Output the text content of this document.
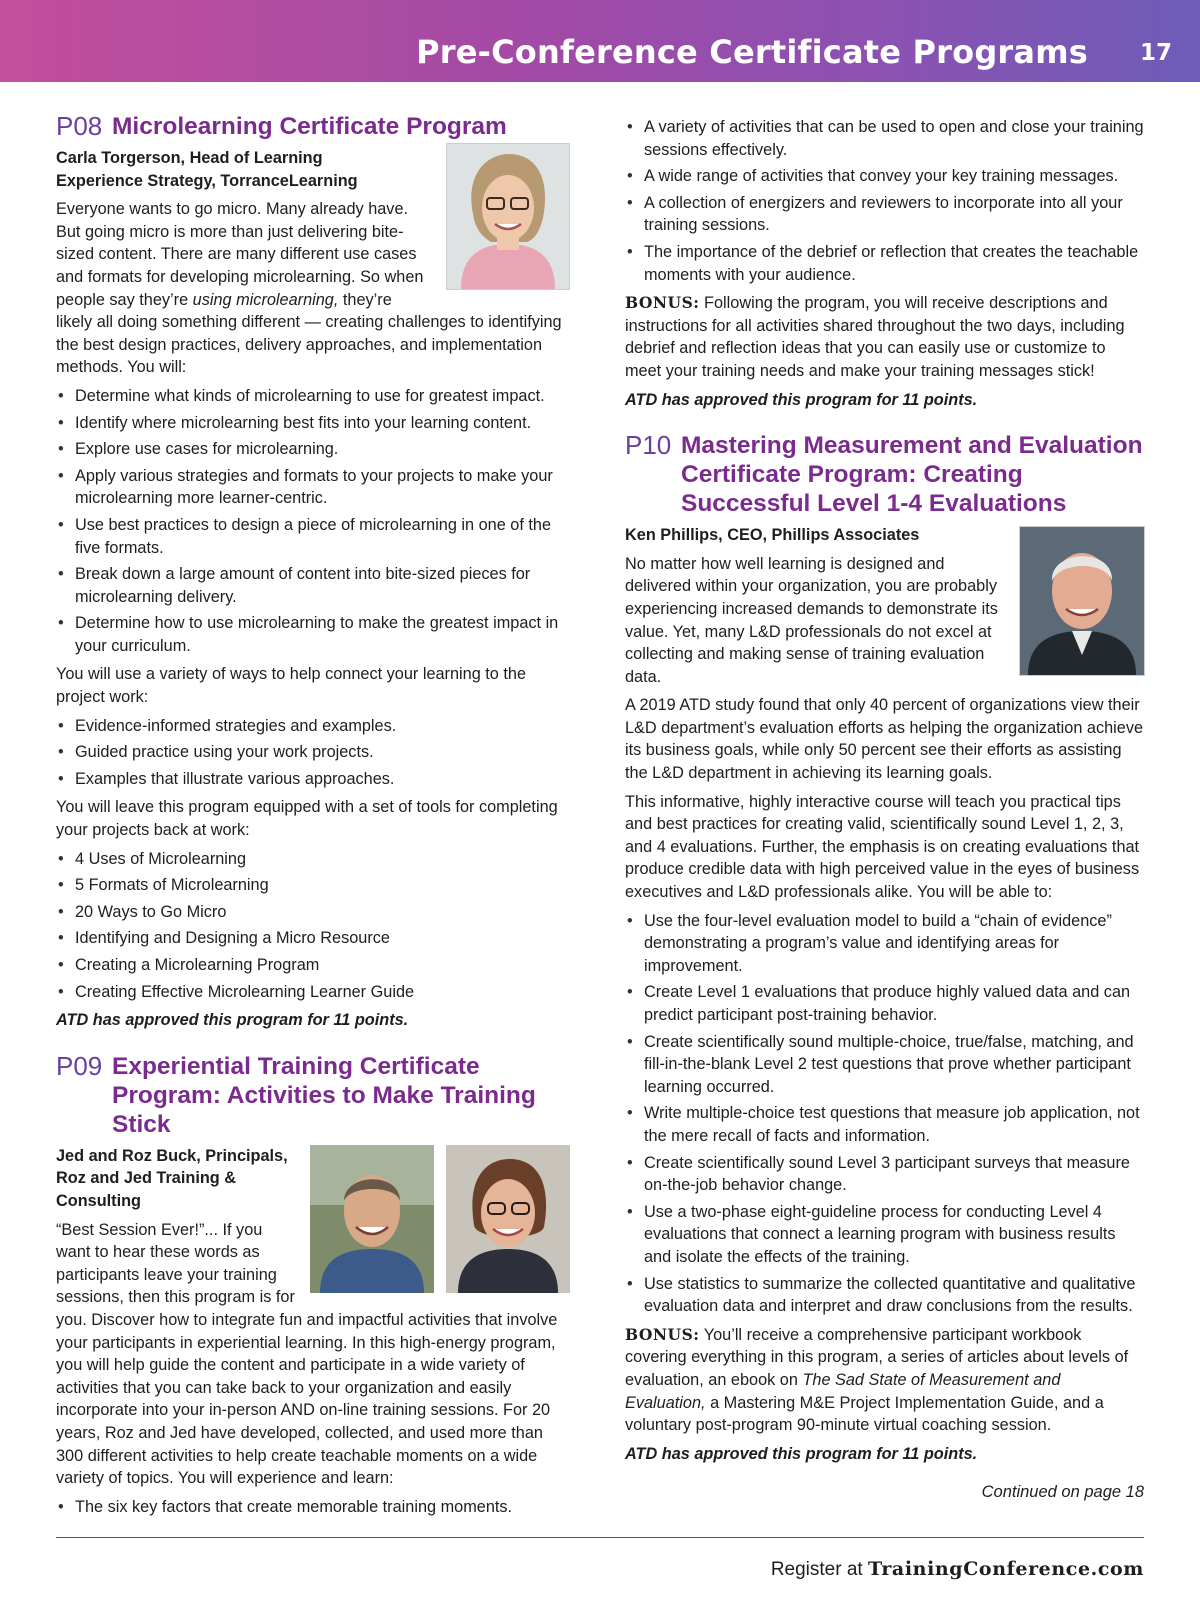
Pre-Conference Certificate Programs 17
P08 Microlearning Certificate Program
Carla Torgerson, Head of Learning
Experience Strategy, TorranceLearning

Everyone wants to go micro. Many already have. But going micro is more than just delivering bite-sized content. There are many different use cases and formats for developing microlearning. So when people say they’re using microlearning, they’re likely all doing something different — creating challenges to identifying the best design practices, delivery approaches, and implementation methods. You will:

• Determine what kinds of microlearning to use for greatest impact.
• Identify where microlearning best fits into your learning content.
• Explore use cases for microlearning.
• Apply various strategies and formats to your projects to make your microlearning more learner-centric.
• Use best practices to design a piece of microlearning in one of the five formats.
• Break down a large amount of content into bite-sized pieces for microlearning delivery.
• Determine how to use microlearning to make the greatest impact in your curriculum.

You will use a variety of ways to help connect your learning to the project work:

• Evidence-informed strategies and examples.
• Guided practice using your work projects.
• Examples that illustrate various approaches.

You will leave this program equipped with a set of tools for completing your projects back at work:

• 4 Uses of Microlearning
• 5 Formats of Microlearning
• 20 Ways to Go Micro
• Identifying and Designing a Micro Resource
• Creating a Microlearning Program
• Creating Effective Microlearning Learner Guide
ATD has approved this program for 11 points.
P09 Experiential Training Certificate Program: Activities to Make Training Stick
Jed and Roz Buck, Principals,
Roz and Jed Training &
Consulting

“Best Session Ever!”... If you want to hear these words as participants leave your training sessions, then this program is for you. Discover how to integrate fun and impactful activities that involve your participants in experiential learning. In this high-energy program, you will help guide the content and participate in a wide variety of activities that you can take back to your organization and easily incorporate into your in-person AND on-line training sessions. For 20 years, Roz and Jed have developed, collected, and used more than 300 different activities to help create teachable moments on a wide variety of topics. You will experience and learn:

• The six key factors that create memorable training moments.
• A variety of activities that can be used to open and close your training sessions effectively.
• A wide range of activities that convey your key training messages.
• A collection of energizers and reviewers to incorporate into all your training sessions.
• The importance of the debrief or reflection that creates the teachable moments with your audience.

BONUS: Following the program, you will receive descriptions and instructions for all activities shared throughout the two days, including debrief and reflection ideas that you can easily use or customize to meet your training needs and make your training messages stick!

ATD has approved this program for 11 points.
P10 Mastering Measurement and Evaluation Certificate Program: Creating Successful Level 1-4 Evaluations
Ken Phillips, CEO, Phillips Associates

No matter how well learning is designed and delivered within your organization, you are probably experiencing increased demands to demonstrate its value. Yet, many L&D professionals do not excel at collecting and making sense of training evaluation data.

A 2019 ATD study found that only 40 percent of organizations view their L&D department’s evaluation efforts as helping the organization achieve its business goals, while only 50 percent see their efforts as assisting the L&D department in achieving its learning goals.

This informative, highly interactive course will teach you practical tips and best practices for creating valid, scientifically sound Level 1, 2, 3, and 4 evaluations. Further, the emphasis is on creating evaluations that produce credible data with high perceived value in the eyes of business executives and L&D professionals alike. You will be able to:

• Use the four-level evaluation model to build a “chain of evidence” demonstrating a program’s value and identifying areas for improvement.
• Create Level 1 evaluations that produce highly valued data and can predict participant post-training behavior.
• Create scientifically sound multiple-choice, true/false, matching, and fill-in-the-blank Level 2 test questions that prove whether participant learning occurred.
• Write multiple-choice test questions that measure job application, not the mere recall of facts and information.
• Create scientifically sound Level 3 participant surveys that measure on-the-job behavior change.
• Use a two-phase eight-guideline process for conducting Level 4 evaluations that connect a learning program with business results and isolate the effects of the training.
• Use statistics to summarize the collected quantitative and qualitative evaluation data and interpret and draw conclusions from the results.

BONUS: You’ll receive a comprehensive participant workbook covering everything in this program, a series of articles about levels of evaluation, an ebook on The Sad State of Measurement and Evaluation, a Mastering M&E Project Implementation Guide, and a voluntary post-program 90-minute virtual coaching session.

ATD has approved this program for 11 points.
Continued on page 18
Register at TrainingConference.com
